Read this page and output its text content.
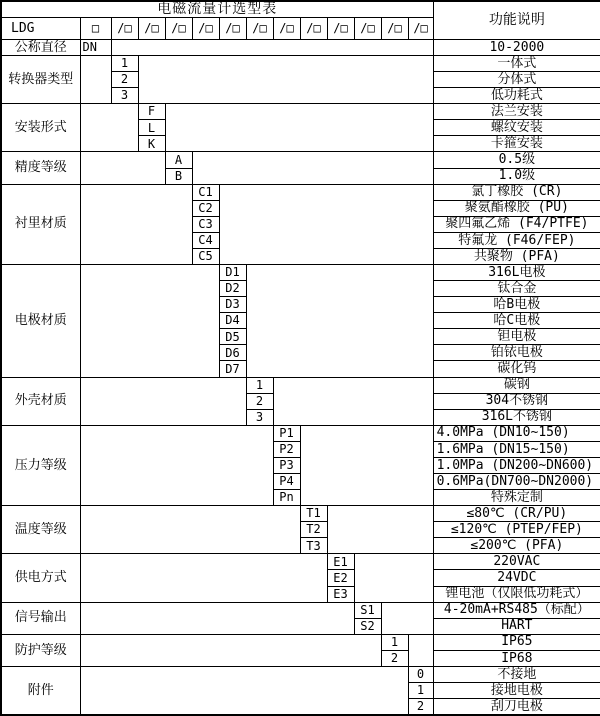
电磁流量计选型表														功能说明
LDG	□	/□	/□	/□	/□	/□	/□	/□	/□	/□	/□	/□	/□	
公称直径	DN													10-2000
转换器类型		1												一体式
		2												分体式
		3												低功耗式
安装形式			F											法兰安装
			L											螺纹安装
			K											卡箍安装
精度等级				A										0.5级
				B										1.0级
衬里材质					C1									氯丁橡胶 (CR)
					C2									聚氨酯橡胶 (PU)
					C3									聚四氟乙烯 (F4/PTFE)
					C4									特氟龙 (F46/FEP)
					C5									共聚物 (PFA)
电极材质						D1								316L电极
						D2								钛合金
						D3								哈B电极
						D4								哈C电极
						D5								钽电极
						D6								铂铱电极
						D7								碳化钨
外壳材质							1							碳钢
							2							304不锈钢
							3							316L不锈钢
压力等级								P1						4.0MPa (DN10~150)
								P2						1.6MPa (DN15~150)
								P3						1.0MPa (DN200~DN600)
								P4						0.6MPa(DN700~DN2000)
								Pn						特殊定制
温度等级									T1					≤80℃ (CR/PU)
									T2					≤120℃ (PTEP/FEP)
									T3					≤200℃ (PFA)
供电方式										E1				220VAC
										E2				24VDC
										E3				锂电池（仅限低功耗式）
信号输出											S1			4-20mA+RS485（标配）
											S2			HART
防护等级												1		IP65
												2		IP68
附件													0	不接地
													1	接地电极
													2	刮刀电极
